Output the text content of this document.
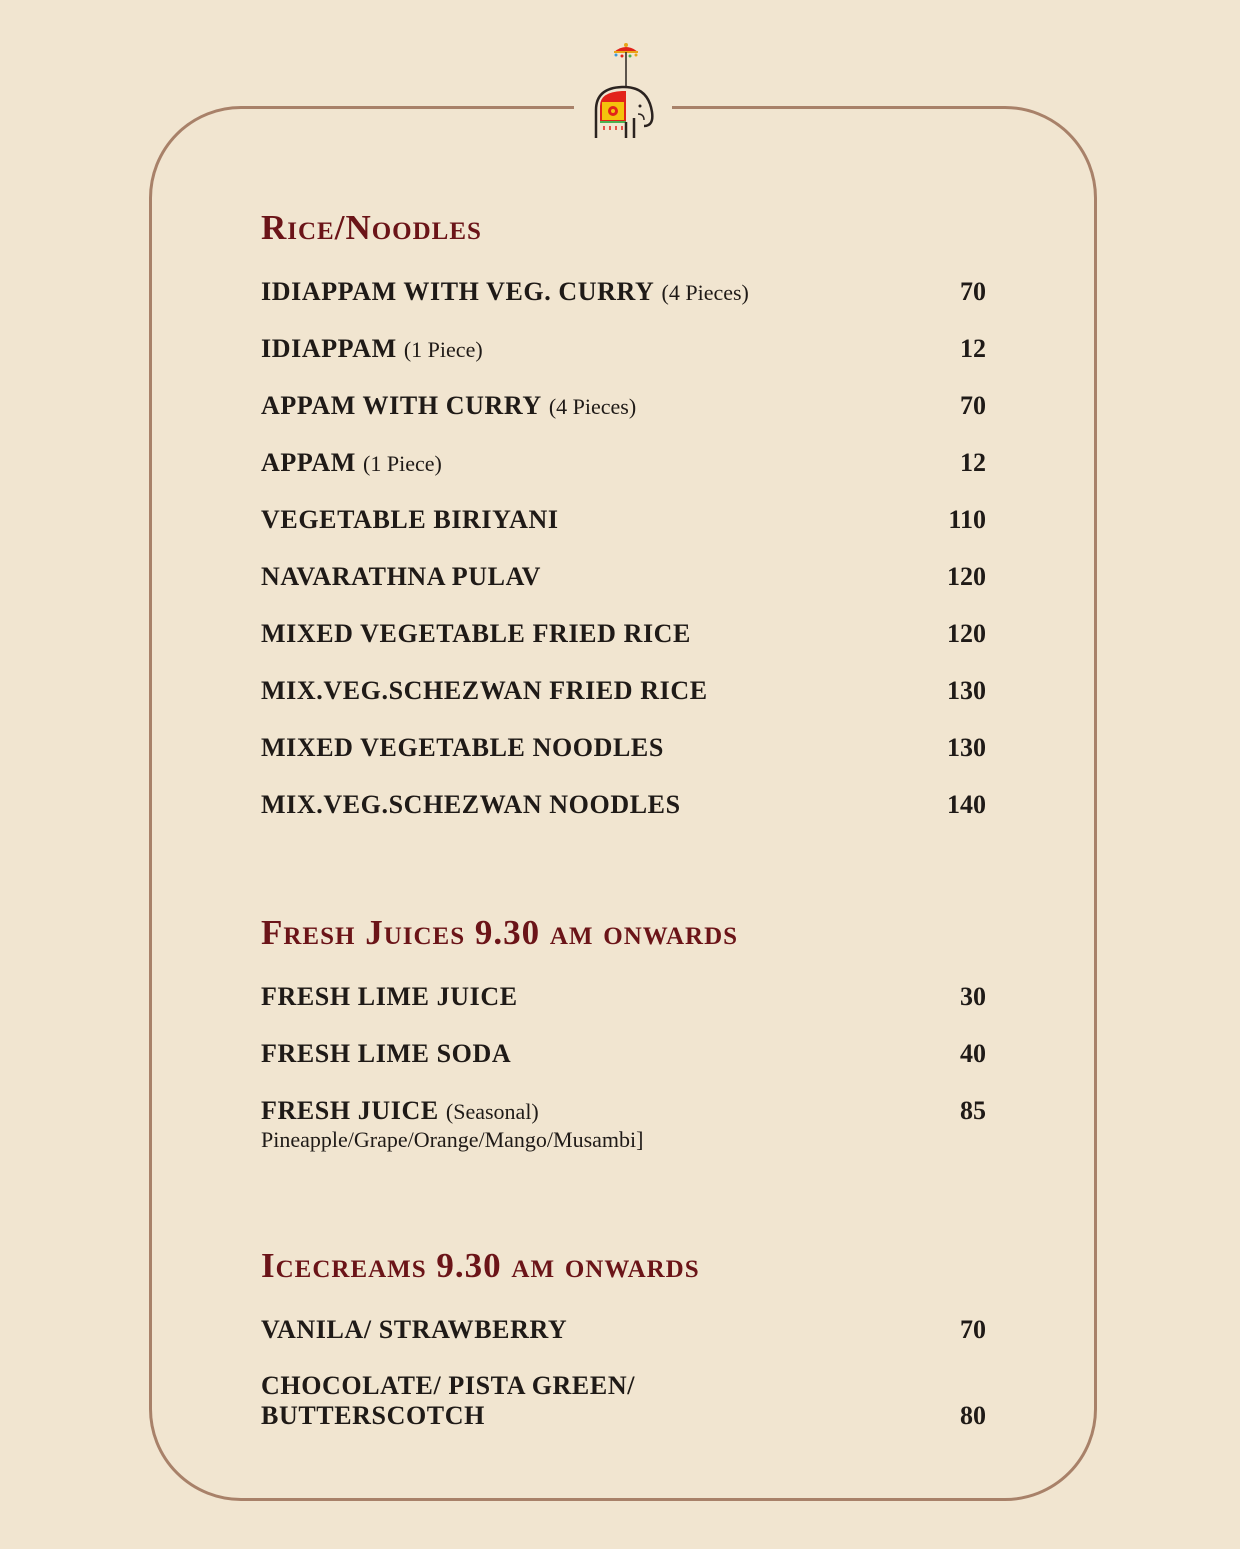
Rice/Noodles
IDIAPPAM WITH VEG. CURRY (4 Pieces)	70
IDIAPPAM (1 Piece)	12
APPAM WITH CURRY (4 Pieces)	70
APPAM (1 Piece)	12
VEGETABLE BIRIYANI	110
NAVARATHNA PULAV	120
MIXED VEGETABLE FRIED RICE	120
MIX.VEG.SCHEZWAN FRIED RICE	130
MIXED VEGETABLE NOODLES	130
MIX.VEG.SCHEZWAN NOODLES	140
Fresh Juices 9.30 am onwards
FRESH LIME JUICE	30
FRESH LIME SODA	40
FRESH JUICE (Seasonal)	85
Pineapple/Grape/Orange/Mango/Musambi]
Icecreams 9.30 am onwards
VANILA/ STRAWBERRY	70
CHOCOLATE/ PISTA GREEN/
BUTTERSCOTCH	80
